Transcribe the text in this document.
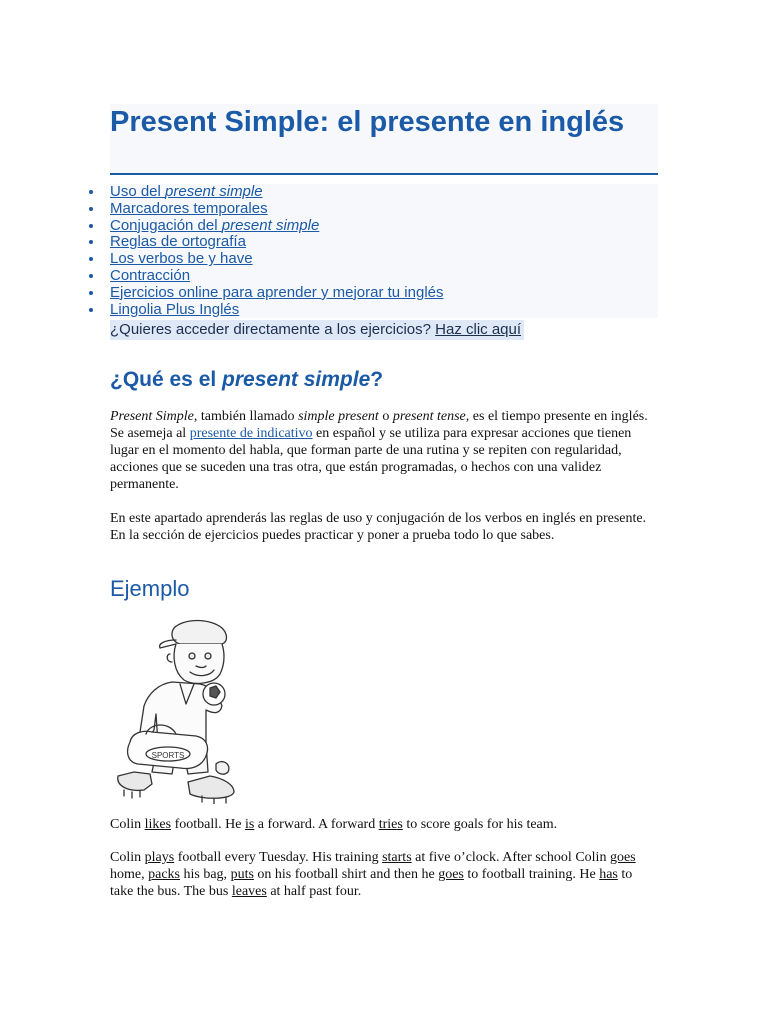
Present Simple: el presente en inglés
Uso del present simple
Marcadores temporales
Conjugación del present simple
Reglas de ortografía
Los verbos be y have
Contracción
Ejercicios online para aprender y mejorar tu inglés
Lingolia Plus Inglés
¿Quieres acceder directamente a los ejercicios? Haz clic aquí
¿Qué es el present simple?

Present Simple, también llamado simple present o present tense, es el tiempo presente en inglés. Se asemeja al presente de indicativo en español y se utiliza para expresar acciones que tienen lugar en el momento del habla, que forman parte de una rutina y se repiten con regularidad, acciones que se suceden una tras otra, que están programadas, o hechos con una validez permanente.

En este apartado aprenderás las reglas de uso y conjugación de los verbos en inglés en presente. En la sección de ejercicios puedes practicar y poner a prueba todo lo que sabes.

Ejemplo
SPORTS

Colin likes football. He is a forward. A forward tries to score goals for his team.

Colin plays football every Tuesday. His training starts at five o’clock. After school Colin goes home, packs his bag, puts on his football shirt and then he goes to football training. He has to take the bus. The bus leaves at half past four.
